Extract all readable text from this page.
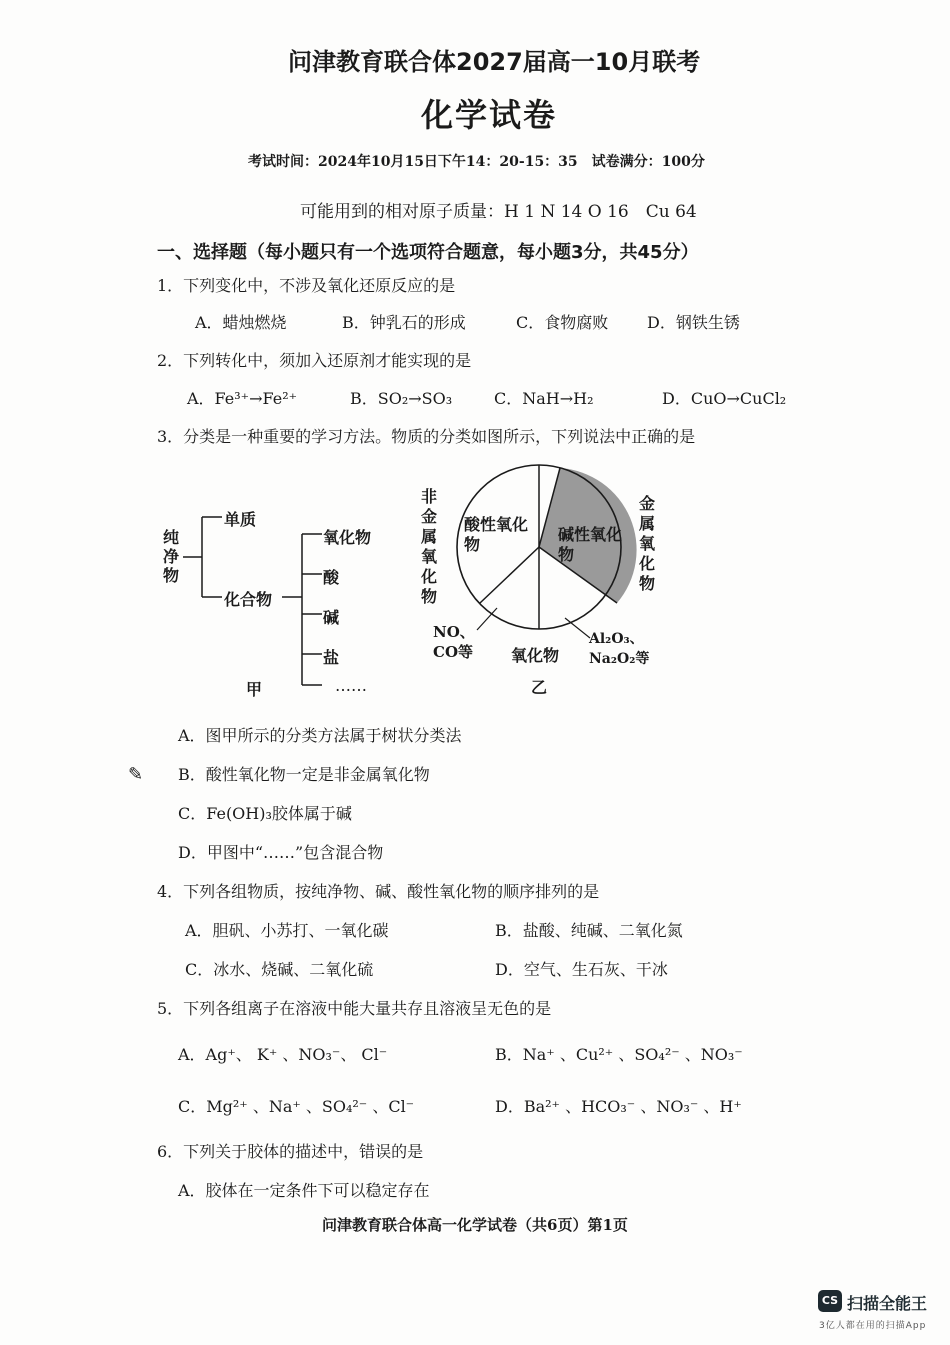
问津教育联合体2027届高一10月联考
化学试卷
考试时间：2024年10月15日下午14：20-15：35　试卷满分：100分
可能用到的相对原子质量：H 1 N 14 O 16　Cu 64
一、选择题（每小题只有一个选项符合题意，每小题3分，共45分）
1．下列变化中，不涉及氧化还原反应的是
A．蜡烛燃烧	B．钟乳石的形成	C．食物腐败 D．钢铁生锈
2．下列转化中，须加入还原剂才能实现的是
A．Fe³⁺→Fe²⁺	B．SO₂→SO₃	C．NaH→H₂	D．CuO→CuCl₂
3．分类是一种重要的学习方法。物质的分类如图所示，下列说法中正确的是
纯净物
单质
化合物
氧化物
酸
碱
盐
……
甲
非金属氧化物
金属氧化物
酸性氧化物
碱性氧化物
NO、CO等	氧化物
Al₂O₃、Na₂O₂等
乙
A．图甲所示的分类方法属于树状分类法
✎ B．酸性氧化物一定是非金属氧化物
C．Fe(OH)₃胶体属于碱
D．甲图中“……”包含混合物
4．下列各组物质，按纯净物、碱、酸性氧化物的顺序排列的是
A．胆矾、小苏打、一氧化碳	B．盐酸、纯碱、二氧化氮
C．冰水、烧碱、二氧化硫	D．空气、生石灰、干冰
5．下列各组离子在溶液中能大量共存且溶液呈无色的是
A．Ag⁺、 K⁺ 、NO₃⁻、 Cl⁻	B．Na⁺ 、Cu²⁺ 、SO₄²⁻ 、NO₃⁻
C．Mg²⁺ 、Na⁺ 、SO₄²⁻ 、Cl⁻	D．Ba²⁺ 、HCO₃⁻ 、NO₃⁻ 、H⁺
6．下列关于胶体的描述中，错误的是
A．胶体在一定条件下可以稳定存在
问津教育联合体高一化学试卷（共6页）第1页
CS 扫描全能王
3亿人都在用的扫描App
